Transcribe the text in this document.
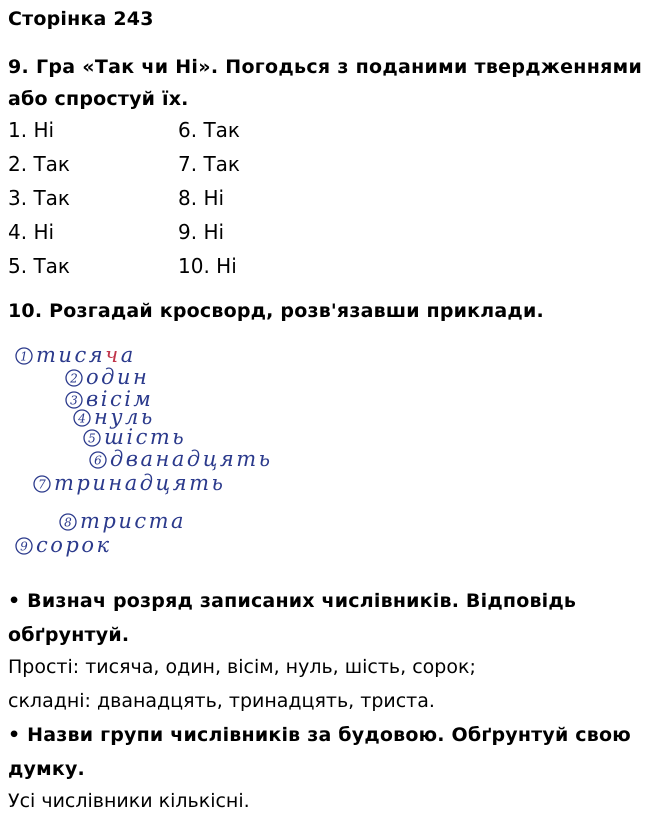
Сторінка 243
9. Гра «Так чи Ні». Погодься з поданими твердженнями
або спростуй їх.
1. Ні
2. Так
3. Так
4. Ні
5. Так
6. Так
7. Так
8. Ні
9. Ні
10. Ні
10. Розгадай кросворд, розв'язавши приклади.
1 тисяча
2 один
3 вісім
4 нуль
5 шість
6 дванадцять
7 тринадцять
8 триста
9 сорок
• Визнач розряд записаних числівників. Відповідь
обґрунтуй.
Прості: тисяча, один, вісім, нуль, шість, сорок;
складні: дванадцять, тринадцять, триста.
• Назви групи числівників за будовою. Обґрунтуй свою
думку.
Усі числівники кількісні.
